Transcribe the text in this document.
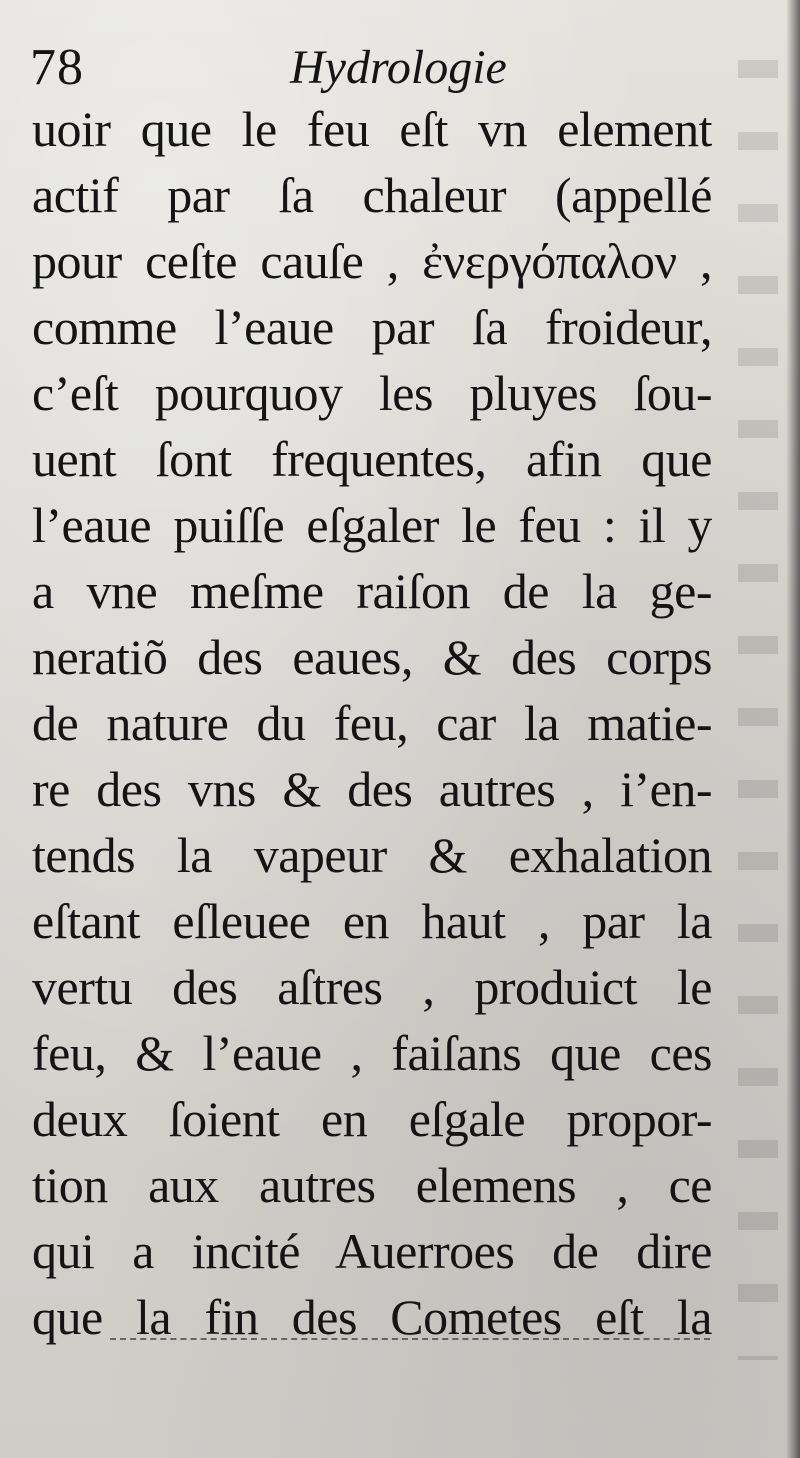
78	Hydrologie
uoir que le feu eſt vn element
actif par ſa chaleur (appellé
pour ceſte cauſe , ἐνεργόπαλον ,
comme l’eaue par ſa froideur,
c’eſt pourquoy les pluyes ſou-
uent ſont frequentes, afin que
l’eaue puiſſe eſgaler le feu : il y
a vne meſme raiſon de la ge-
neratiõ des eaues, & des corps
de nature du feu, car la matie-
re des vns & des autres , i’en-
tends la vapeur & exhalation
eſtant eſleuee en haut , par la
vertu des aſtres , produict le
feu, & l’eaue , faiſans que ces
deux ſoient en eſgale propor-
tion aux autres elemens , ce
qui a incité Auerroes de dire
que la fin des Cometes eſt la
